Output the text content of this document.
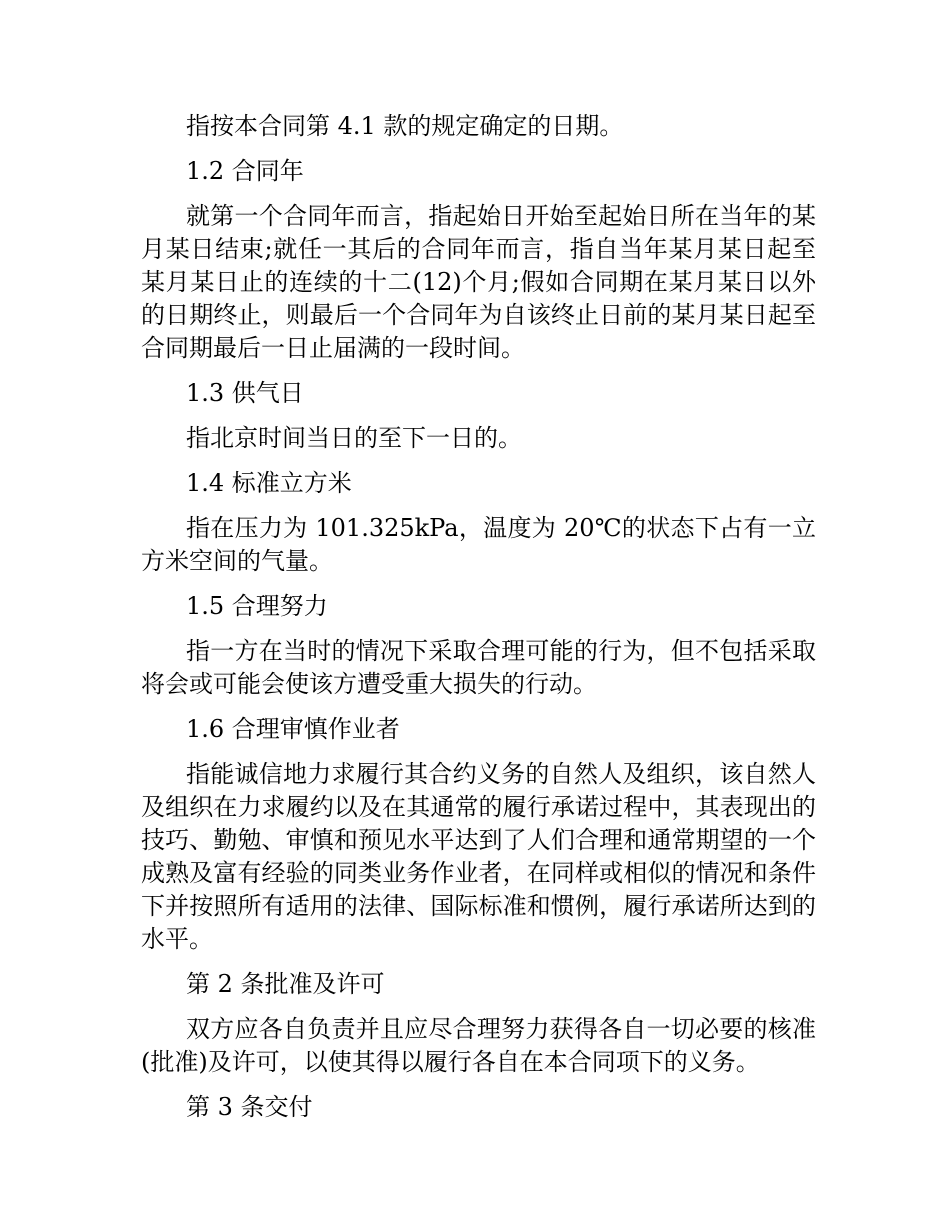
指按本合同第 4.1 款的规定确定的日期。

1.2 合同年

就第一个合同年而言，指起始日开始至起始日所在当年的某月某日结束;就任一其后的合同年而言，指自当年某月某日起至某月某日止的连续的十二(12)个月;假如合同期在某月某日以外的日期终止，则最后一个合同年为自该终止日前的某月某日起至合同期最后一日止届满的一段时间。

1.3 供气日

指北京时间当日的至下一日的。

1.4 标准立方米

指在压力为 101.325kPa，温度为 20℃的状态下占有一立方米空间的气量。

1.5 合理努力

指一方在当时的情况下采取合理可能的行为，但不包括采取将会或可能会使该方遭受重大损失的行动。

1.6 合理审慎作业者

指能诚信地力求履行其合约义务的自然人及组织，该自然人及组织在力求履约以及在其通常的履行承诺过程中，其表现出的技巧、勤勉、审慎和预见水平达到了人们合理和通常期望的一个成熟及富有经验的同类业务作业者，在同样或相似的情况和条件下并按照所有适用的法律、国际标准和惯例，履行承诺所达到的水平。

第 2 条批准及许可

双方应各自负责并且应尽合理努力获得各自一切必要的核准(批准)及许可，以使其得以履行各自在本合同项下的义务。

第 3 条交付
